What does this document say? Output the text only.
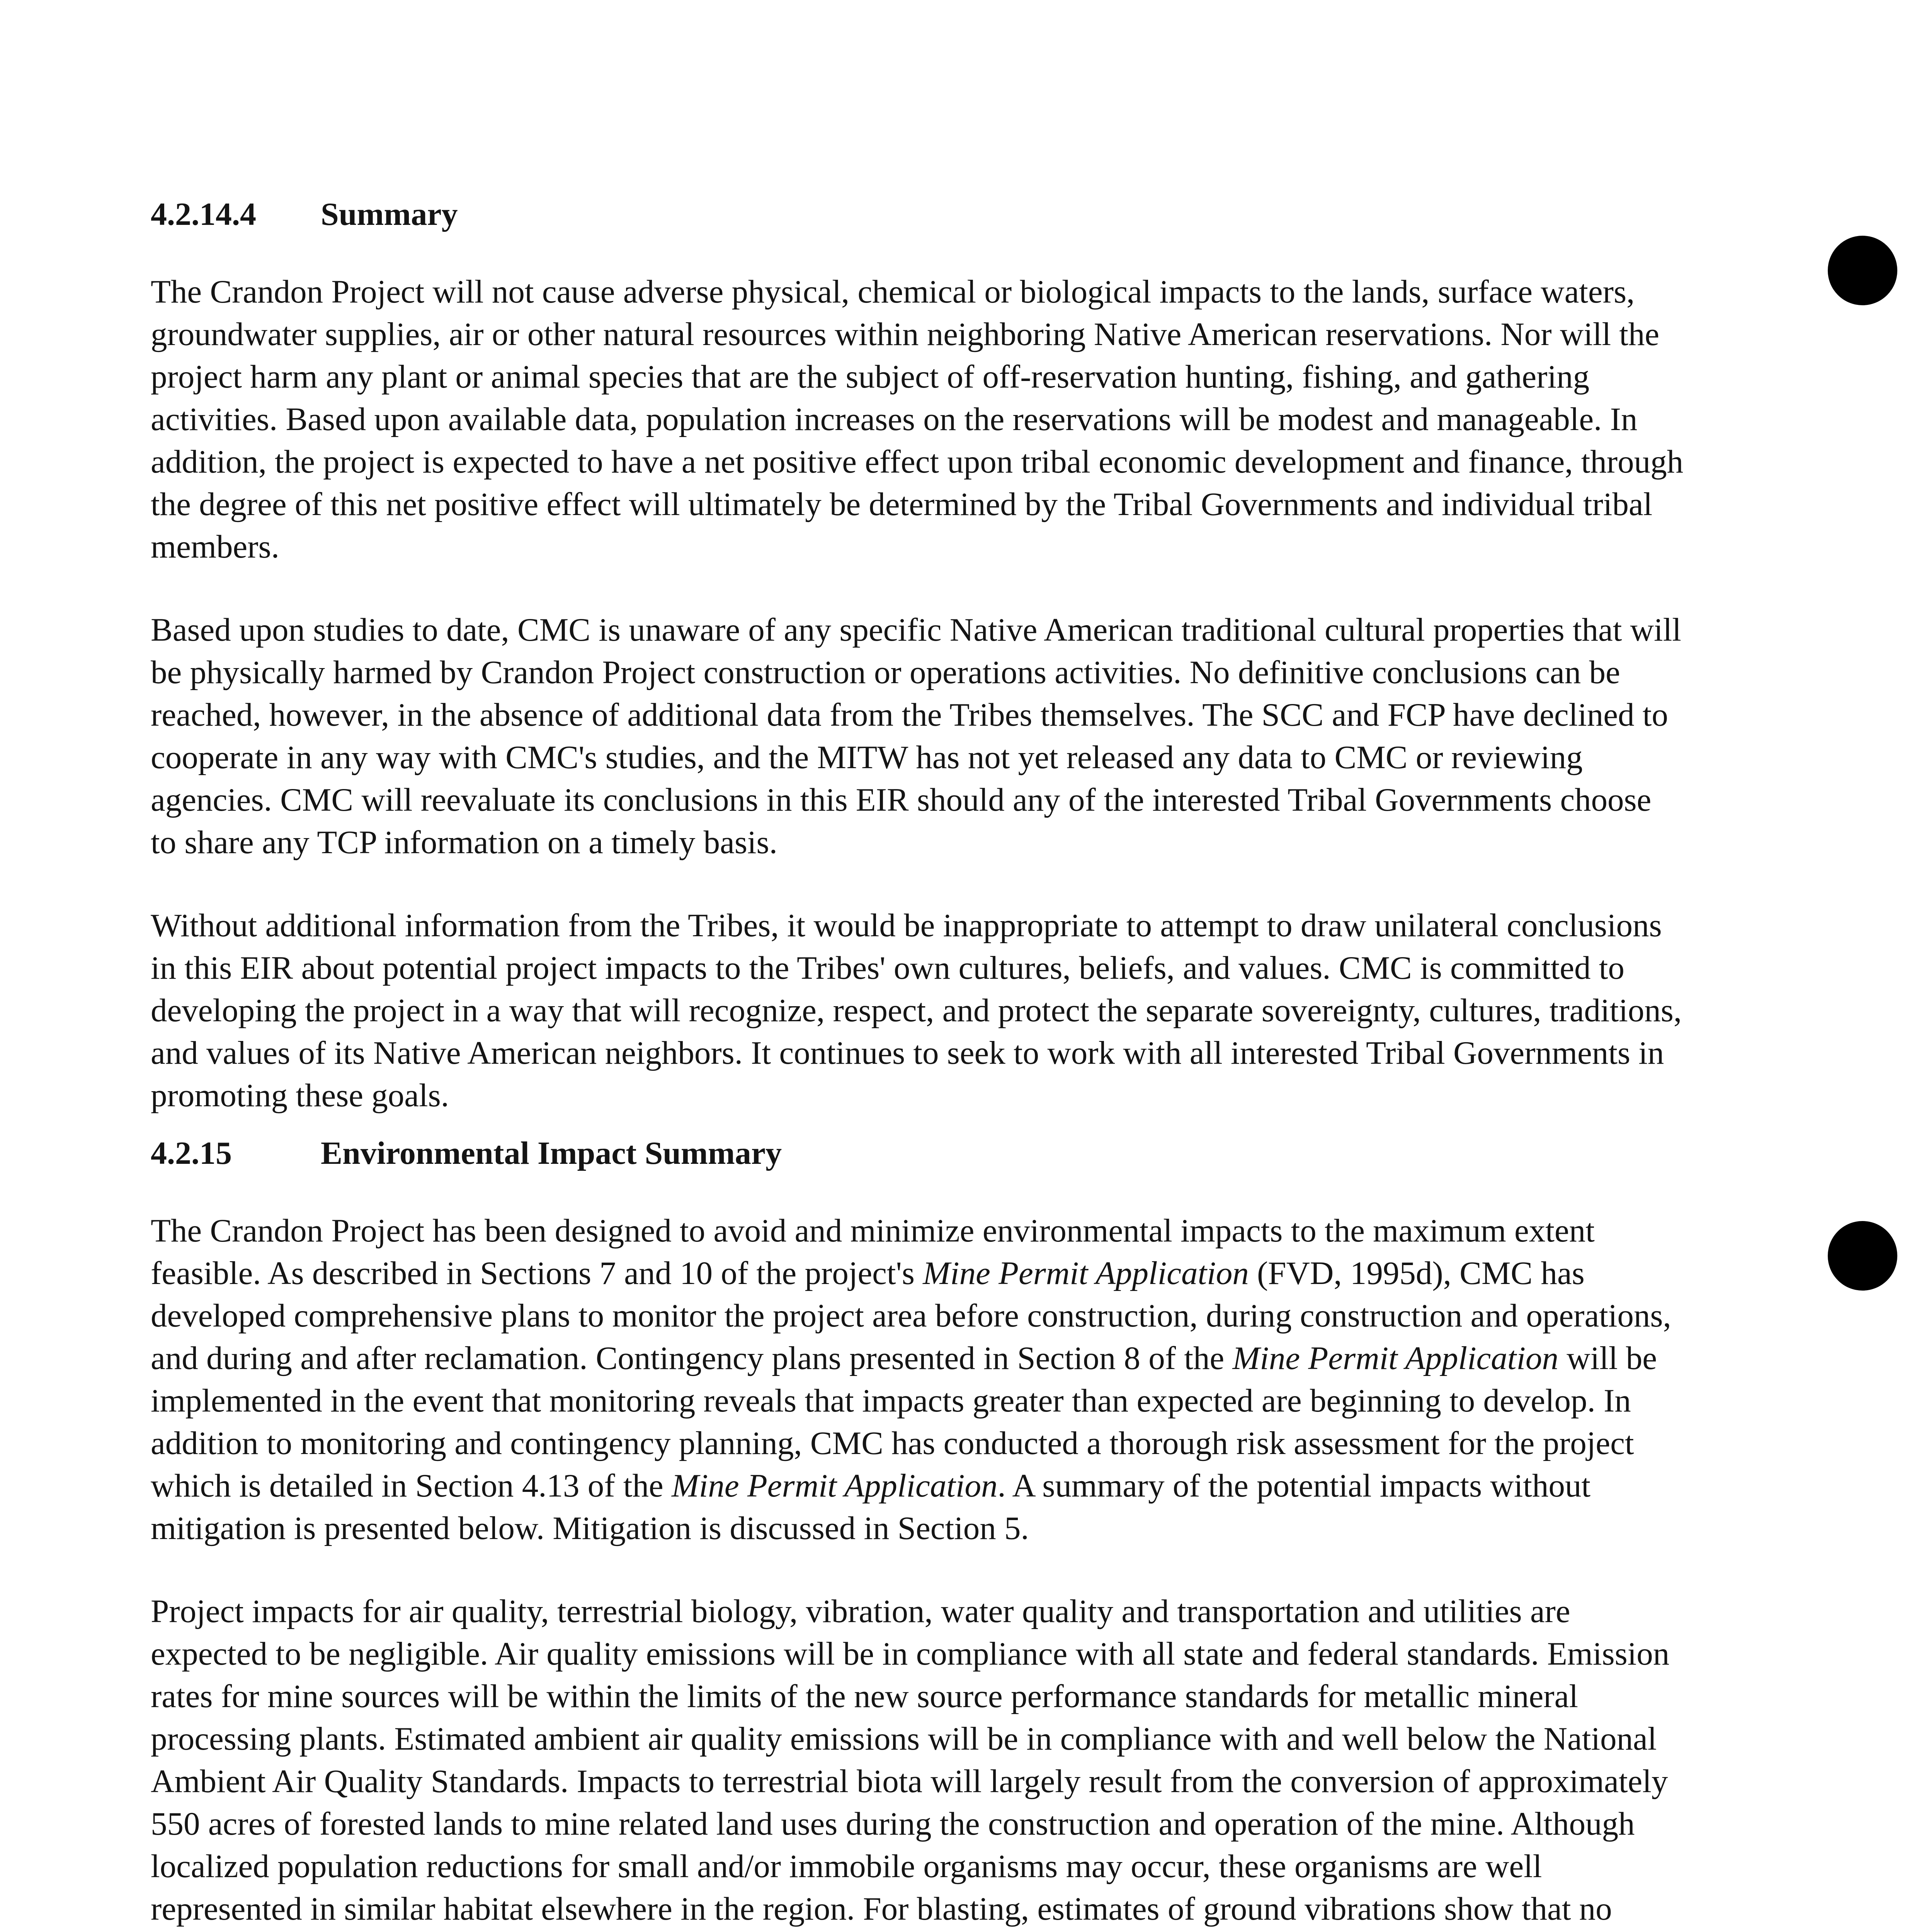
4.2.14.4 Summary

The Crandon Project will not cause adverse physical, chemical or biological impacts to the lands, surface waters, groundwater supplies, air or other natural resources within neighboring Native American reservations. Nor will the project harm any plant or animal species that are the subject of off-reservation hunting, fishing, and gathering activities. Based upon available data, population increases on the reservations will be modest and manageable. In addition, the project is expected to have a net positive effect upon tribal economic development and finance, through the degree of this net positive effect will ultimately be determined by the Tribal Governments and individual tribal members.

Based upon studies to date, CMC is unaware of any specific Native American traditional cultural properties that will be physically harmed by Crandon Project construction or operations activities. No definitive conclusions can be reached, however, in the absence of additional data from the Tribes themselves. The SCC and FCP have declined to cooperate in any way with CMC's studies, and the MITW has not yet released any data to CMC or reviewing agencies. CMC will reevaluate its conclusions in this EIR should any of the interested Tribal Governments choose to share any TCP information on a timely basis.

Without additional information from the Tribes, it would be inappropriate to attempt to draw unilateral conclusions in this EIR about potential project impacts to the Tribes' own cultures, beliefs, and values. CMC is committed to developing the project in a way that will recognize, respect, and protect the separate sovereignty, cultures, traditions, and values of its Native American neighbors. It continues to seek to work with all interested Tribal Governments in promoting these goals.

4.2.15	Environmental Impact Summary

The Crandon Project has been designed to avoid and minimize environmental impacts to the maximum extent feasible. As described in Sections 7 and 10 of the project's Mine Permit Application (FVD, 1995d), CMC has developed comprehensive plans to monitor the project area before construction, during construction and operations, and during and after reclamation. Contingency plans presented in Section 8 of the Mine Permit Application will be implemented in the event that monitoring reveals that impacts greater than expected are beginning to develop. In addition to monitoring and contingency planning, CMC has conducted a thorough risk assessment for the project which is detailed in Section 4.13 of the Mine Permit Application. A summary of the potential impacts without mitigation is presented below. Mitigation is discussed in Section 5.

Project impacts for air quality, terrestrial biology, vibration, water quality and transportation and utilities are expected to be negligible. Air quality emissions will be in compliance with all state and federal standards. Emission rates for mine sources will be within the limits of the new source performance standards for metallic mineral processing plants. Estimated ambient air quality emissions will be in compliance with and well below the National Ambient Air Quality Standards. Impacts to terrestrial biota will largely result from the conversion of approximately 550 acres of forested lands to mine related land uses during the construction and operation of the mine. Although localized population reductions for small and/or immobile organisms may occur, these organisms are well represented in similar habitat elsewhere in the region. For blasting, estimates of ground vibrations show that no
